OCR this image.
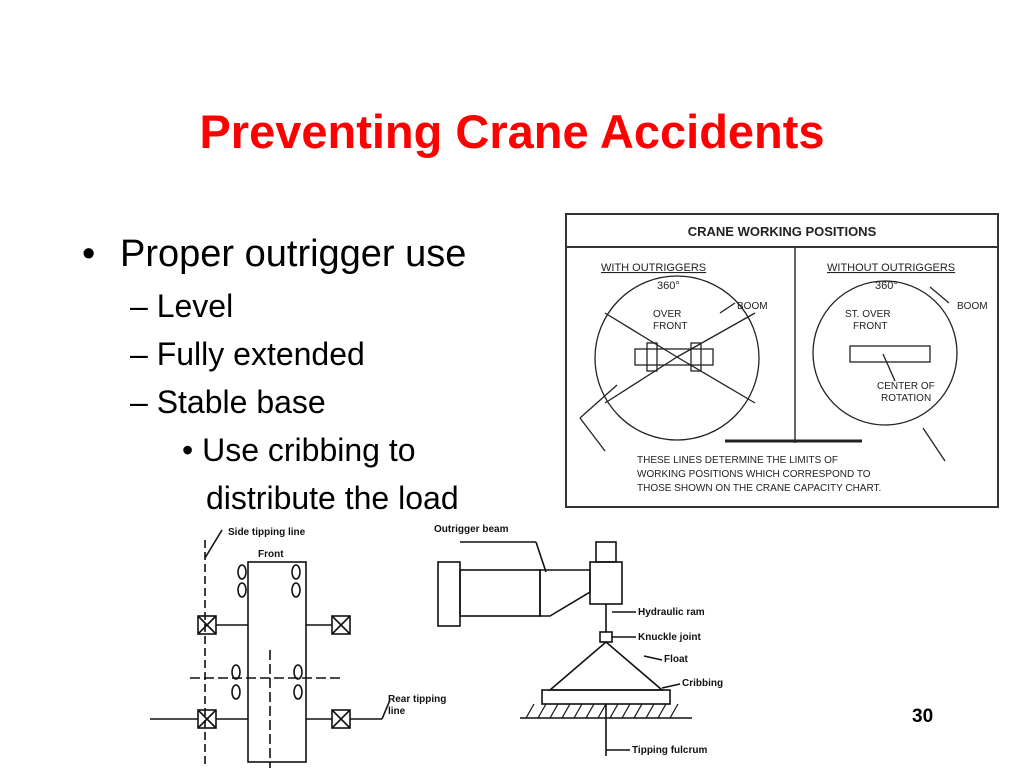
Preventing Crane Accidents
• Proper outrigger use
– Level
– Fully extended
– Stable base
• Use cribbing to
distribute the load
CRANE WORKING POSITIONS
WITH OUTRIGGERS	WITHOUT OUTRIGGERS
360°
BOOM
OVER
FRONT
360°
BOOM
ST. OVER
FRONT
CENTER OF
ROTATION
THESE LINES DETERMINE THE LIMITS OF
WORKING POSITIONS WHICH CORRESPOND TO
THOSE SHOWN ON THE CRANE CAPACITY CHART.
Side tipping line
Front
Rear tipping
line
Outrigger beam
Hydraulic ram
Knuckle joint
Float
Cribbing
Tipping fulcrum
30
